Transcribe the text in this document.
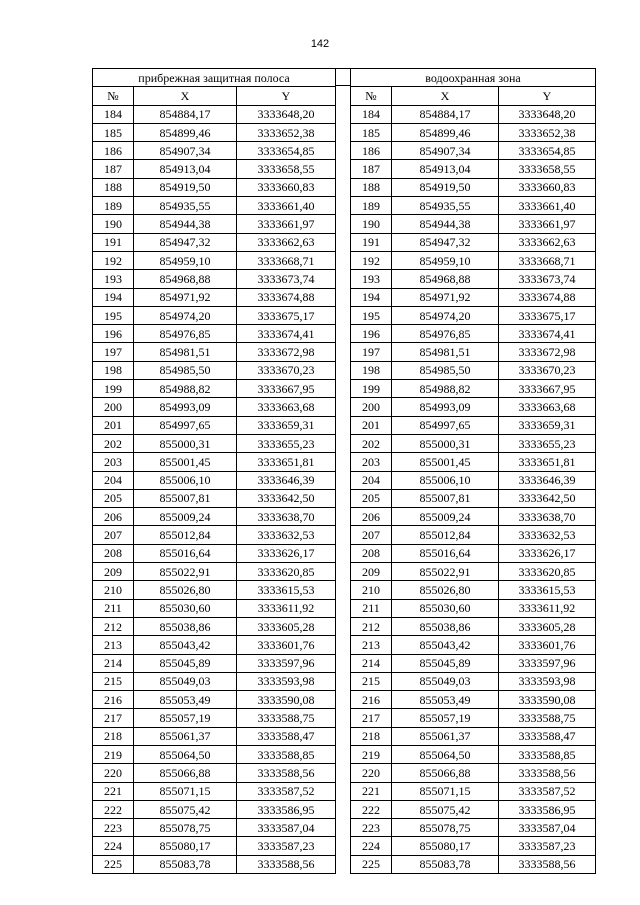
142
прибрежная защитная полоса		
№	X	Y
184	854884,17	3333648,20
185	854899,46	3333652,38
186	854907,34	3333654,85
187	854913,04	3333658,55
188	854919,50	3333660,83
189	854935,55	3333661,40
190	854944,38	3333661,97
191	854947,32	3333662,63
192	854959,10	3333668,71
193	854968,88	3333673,74
194	854971,92	3333674,88
195	854974,20	3333675,17
196	854976,85	3333674,41
197	854981,51	3333672,98
198	854985,50	3333670,23
199	854988,82	3333667,95
200	854993,09	3333663,68
201	854997,65	3333659,31
202	855000,31	3333655,23
203	855001,45	3333651,81
204	855006,10	3333646,39
205	855007,81	3333642,50
206	855009,24	3333638,70
207	855012,84	3333632,53
208	855016,64	3333626,17
209	855022,91	3333620,85
210	855026,80	3333615,53
211	855030,60	3333611,92
212	855038,86	3333605,28
213	855043,42	3333601,76
214	855045,89	3333597,96
215	855049,03	3333593,98
216	855053,49	3333590,08
217	855057,19	3333588,75
218	855061,37	3333588,47
219	855064,50	3333588,85
220	855066,88	3333588,56
221	855071,15	3333587,52
222	855075,42	3333586,95
223	855078,75	3333587,04
224	855080,17	3333587,23
225	855083,78	3333588,56
водоохранная зона		
№	X	Y
184	854884,17	3333648,20
185	854899,46	3333652,38
186	854907,34	3333654,85
187	854913,04	3333658,55
188	854919,50	3333660,83
189	854935,55	3333661,40
190	854944,38	3333661,97
191	854947,32	3333662,63
192	854959,10	3333668,71
193	854968,88	3333673,74
194	854971,92	3333674,88
195	854974,20	3333675,17
196	854976,85	3333674,41
197	854981,51	3333672,98
198	854985,50	3333670,23
199	854988,82	3333667,95
200	854993,09	3333663,68
201	854997,65	3333659,31
202	855000,31	3333655,23
203	855001,45	3333651,81
204	855006,10	3333646,39
205	855007,81	3333642,50
206	855009,24	3333638,70
207	855012,84	3333632,53
208	855016,64	3333626,17
209	855022,91	3333620,85
210	855026,80	3333615,53
211	855030,60	3333611,92
212	855038,86	3333605,28
213	855043,42	3333601,76
214	855045,89	3333597,96
215	855049,03	3333593,98
216	855053,49	3333590,08
217	855057,19	3333588,75
218	855061,37	3333588,47
219	855064,50	3333588,85
220	855066,88	3333588,56
221	855071,15	3333587,52
222	855075,42	3333586,95
223	855078,75	3333587,04
224	855080,17	3333587,23
225	855083,78	3333588,56
